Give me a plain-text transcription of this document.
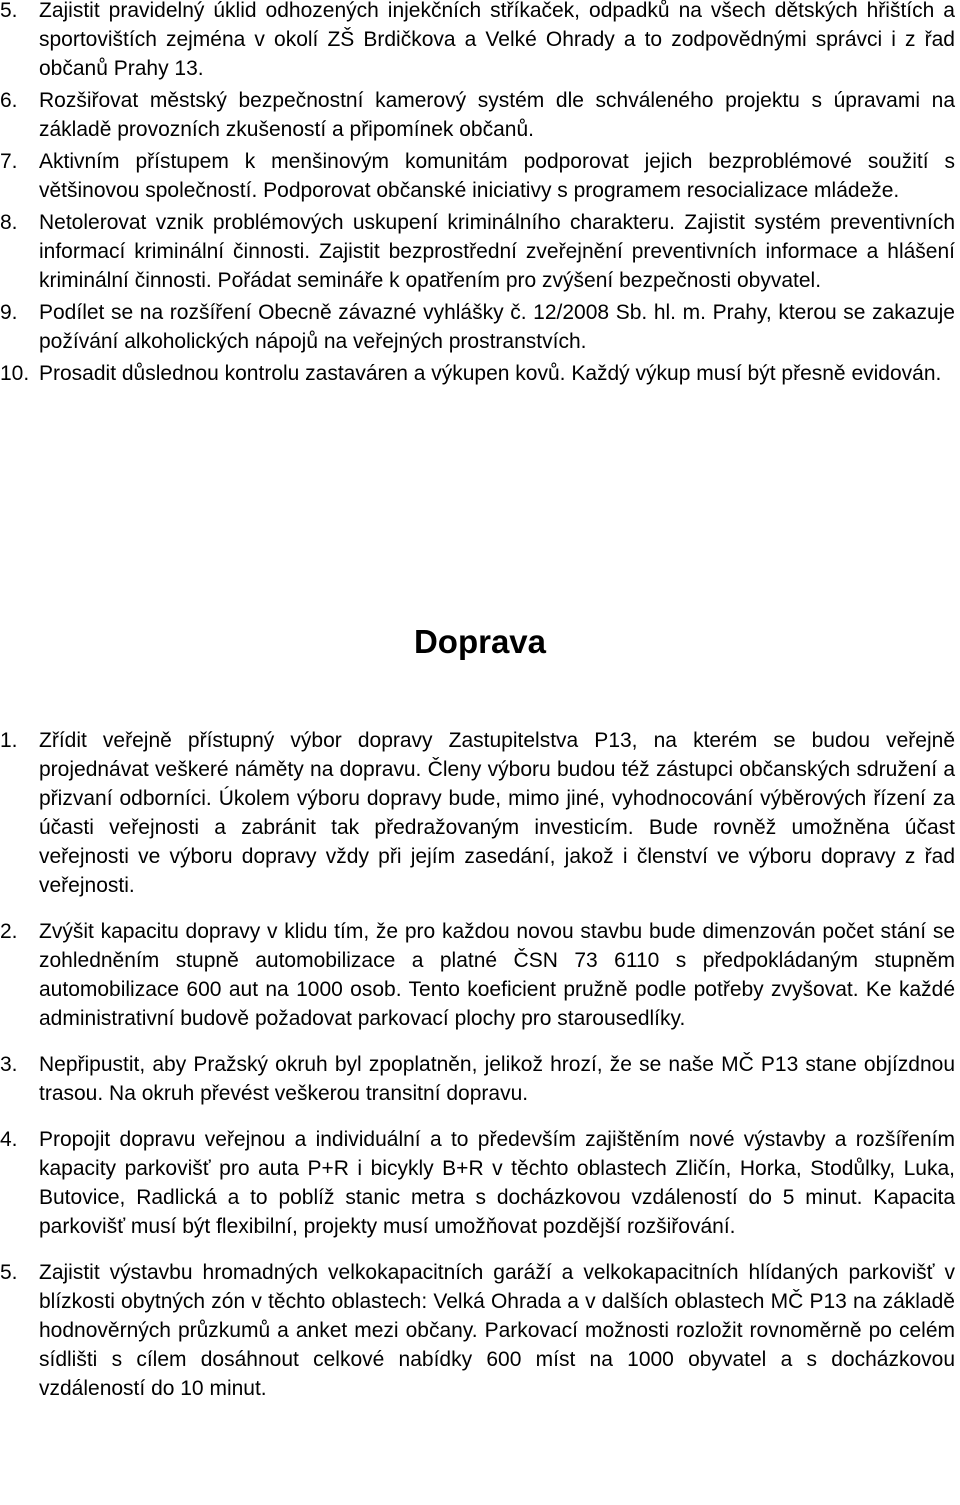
5. Zajistit pravidelný úklid odhozených injekčních stříkaček, odpadků na všech dětských hřištích a sportovištích zejména v okolí ZŠ Brdičkova a Velké Ohrady a to zodpovědnými správci i z řad občanů Prahy 13.
6. Rozšiřovat městský bezpečnostní kamerový systém dle schváleného projektu s úpravami na základě provozních zkušeností a připomínek občanů.
7. Aktivním přístupem k menšinovým komunitám podporovat jejich bezproblémové soužití s většinovou společností. Podporovat občanské iniciativy s programem resocializace mládeže.
8. Netolerovat vznik problémových uskupení kriminálního charakteru. Zajistit systém preventivních informací kriminální činnosti. Zajistit bezprostřední zveřejnění preventivních informace a hlášení kriminální činnosti. Pořádat semináře k opatřením pro zvýšení bezpečnosti obyvatel.
9. Podílet se na rozšíření Obecně závazné vyhlášky č. 12/2008 Sb. hl. m. Prahy, kterou se zakazuje požívání alkoholických nápojů na veřejných prostranstvích.
10. Prosadit důslednou kontrolu zastaváren a výkupen kovů. Každý výkup musí být přesně evidován.
Doprava
1. Zřídit veřejně přístupný výbor dopravy Zastupitelstva P13, na kterém se budou veřejně projednávat veškeré náměty na dopravu. Členy výboru budou též zástupci občanských sdružení a přizvaní odborníci. Úkolem výboru dopravy bude, mimo jiné, vyhodnocování výběrových řízení za účasti veřejnosti a zabránit tak předražovaným investicím. Bude rovněž umožněna účast veřejnosti ve výboru dopravy vždy při jejím zasedání, jakož i členství ve výboru dopravy z řad veřejnosti.
2. Zvýšit kapacitu dopravy v klidu tím, že pro každou novou stavbu bude dimenzován počet stání se zohledněním stupně automobilizace a platné ČSN 73 6110 s předpokládaným stupněm automobilizace 600 aut na 1000 osob. Tento koeficient pružně podle potřeby zvyšovat. Ke každé administrativní budově požadovat parkovací plochy pro starousedlíky.
3. Nepřipustit, aby Pražský okruh byl zpoplatněn, jelikož hrozí, že se naše MČ P13 stane objízdnou trasou. Na okruh převést veškerou transitní dopravu.
4. Propojit dopravu veřejnou a individuální a to především zajištěním nové výstavby a rozšířením kapacity parkovišť pro auta P+R i bicykly B+R v těchto oblastech Zličín, Horka, Stodůlky, Luka, Butovice, Radlická a to poblíž stanic metra s docházkovou vzdáleností do 5 minut. Kapacita parkovišť musí být flexibilní, projekty musí umožňovat pozdější rozšiřování.
5. Zajistit výstavbu hromadných velkokapacitních garáží a velkokapacitních hlídaných parkovišť v blízkosti obytných zón v těchto oblastech: Velká Ohrada a v dalších oblastech MČ P13 na základě hodnověrných průzkumů a anket mezi občany. Parkovací možnosti rozložit rovnoměrně po celém sídlišti s cílem dosáhnout celkové nabídky 600 míst na 1000 obyvatel a s docházkovou vzdáleností do 10 minut.
